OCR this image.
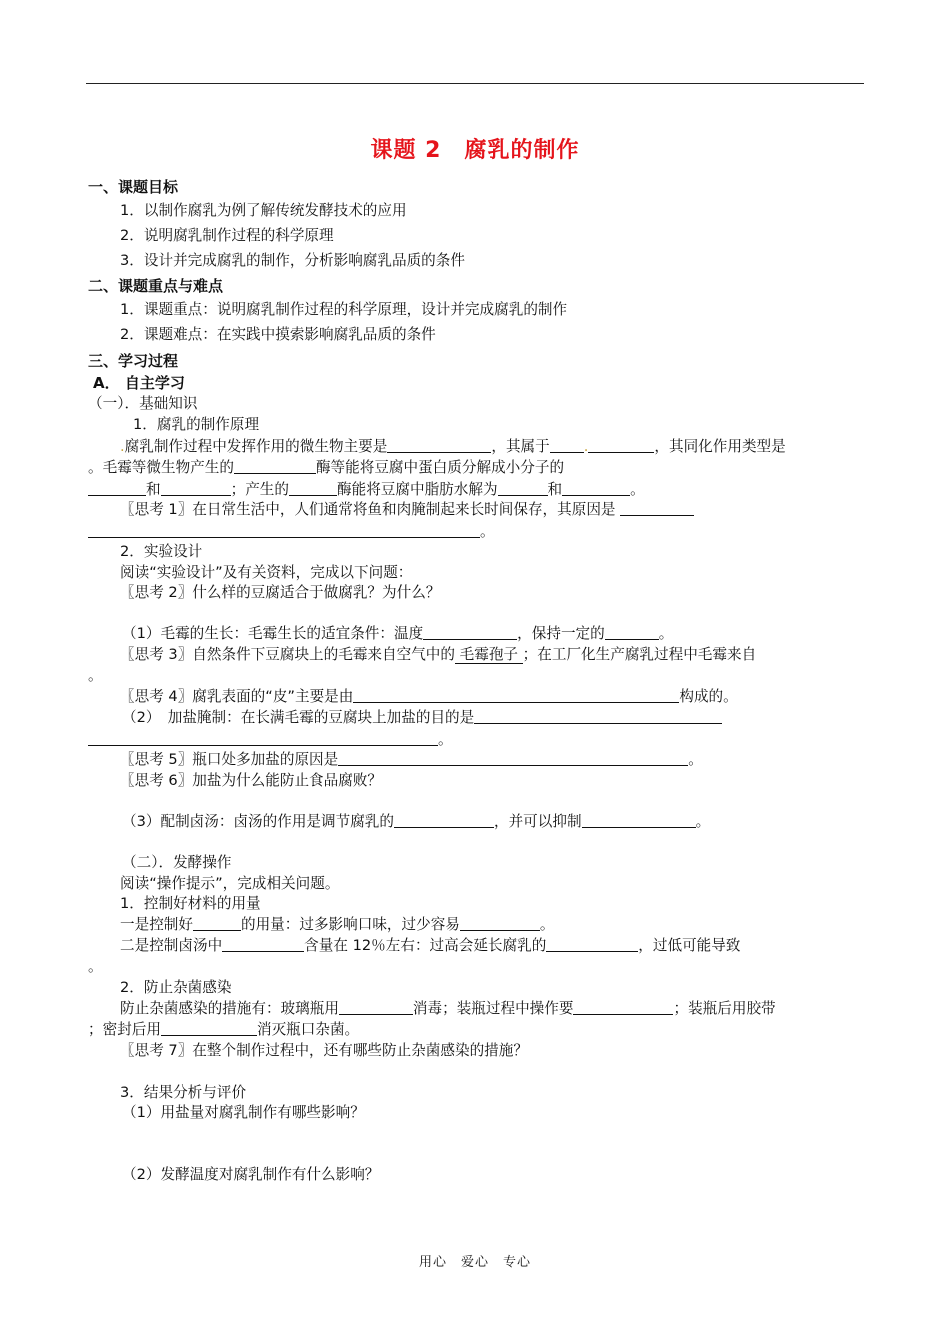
课题 2　腐乳的制作
一、课题目标
1．以制作腐乳为例了解传统发酵技术的应用
2．说明腐乳制作过程的科学原理
3．设计并完成腐乳的制作，分析影响腐乳品质的条件
二、课题重点与难点
1．课题重点：说明腐乳制作过程的科学原理，设计并完成腐乳的制作
2．课题难点：在实践中摸索影响腐乳品质的条件
三、学习过程
A． 自主学习
（一）．基础知识
1．腐乳的制作原理
.腐乳制作过程中发挥作用的微生物主要是	，其属于 .	，其同化作用类型是
。毛霉等微生物产生的	酶等能将豆腐中蛋白质分解成小分子的
和	；产生的	酶能将豆腐中脂肪水解为	和	。
〖思考 1〗在日常生活中，人们通常将鱼和肉腌制起来长时间保存，其原因是
。
2．实验设计
阅读“实验设计”及有关资料，完成以下问题：
〖思考 2〗什么样的豆腐适合于做腐乳？为什么？
（1）毛霉的生长：毛霉生长的适宜条件：温度	，保持一定的	。
〖思考 3〗自然条件下豆腐块上的毛霉来自空气中的 毛霉孢子 ；在工厂化生产腐乳过程中毛霉来自
。
〖思考 4〗腐乳表面的“皮”主要是由	构成的。
（2）　加盐腌制：在长满毛霉的豆腐块上加盐的目的是
。
〖思考 5〗瓶口处多加盐的原因是	。
〖思考 6〗加盐为什么能防止食品腐败？
（3）配制卤汤：卤汤的作用是调节腐乳的	，并可以抑制	。
（二）．发酵操作
阅读“操作提示”，完成相关问题。
1．控制好材料的用量
一是控制好	的用量：过多影响口味，过少容易	。
二是控制卤汤中	含量在 12％左右：过高会延长腐乳的	，过低可能导致
。
2．防止杂菌感染
防止杂菌感染的措施有：玻璃瓶用	消毒；装瓶过程中操作要	；装瓶后用胶带
；密封后用	消灭瓶口杂菌。
〖思考 7〗在整个制作过程中，还有哪些防止杂菌感染的措施？
3．结果分析与评价
（1）用盐量对腐乳制作有哪些影响？
（2）发酵温度对腐乳制作有什么影响？
用心　爱心　专心
